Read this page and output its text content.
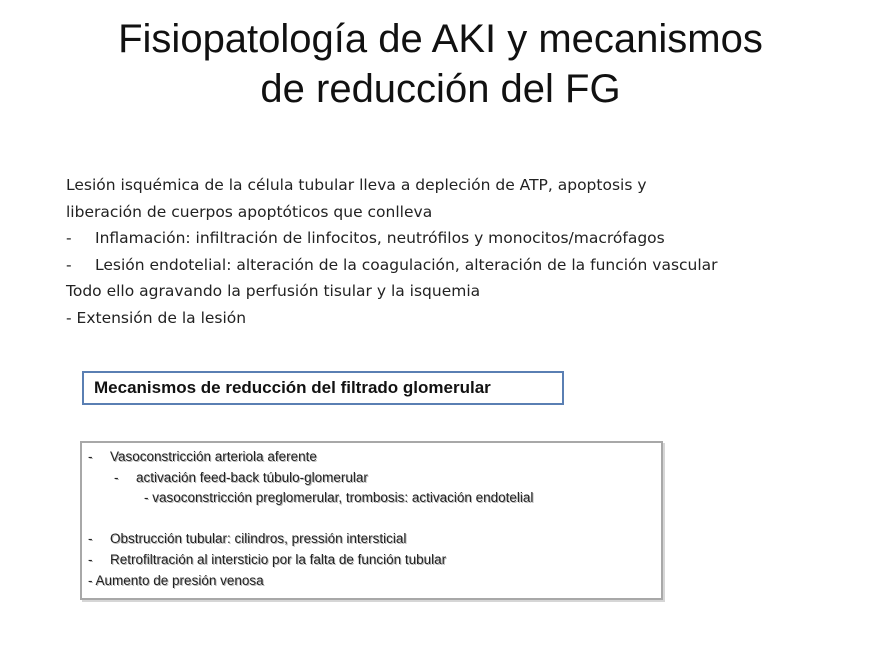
Fisiopatología de AKI y mecanismos
de reducción del FG
Lesión isquémica de la célula tubular lleva a depleción de ATP, apoptosis y
liberación de cuerpos apoptóticos que conlleva
- Inflamación: infiltración de linfocitos, neutrófilos y monocitos/macrófagos
- Lesión endotelial: alteración de la coagulación, alteración de la función vascular
Todo ello agravando la perfusión tisular y la isquemia
- Extensión de la lesión
Mecanismos de reducción del filtrado glomerular
- Vasoconstricción arteriola aferente
- activación feed-back túbulo-glomerular
- vasoconstricción preglomerular, trombosis: activación endotelial
- Obstrucción tubular: cilindros, pressión intersticial
- Retrofiltración al intersticio por la falta de función tubular
- Aumento de presión venosa
